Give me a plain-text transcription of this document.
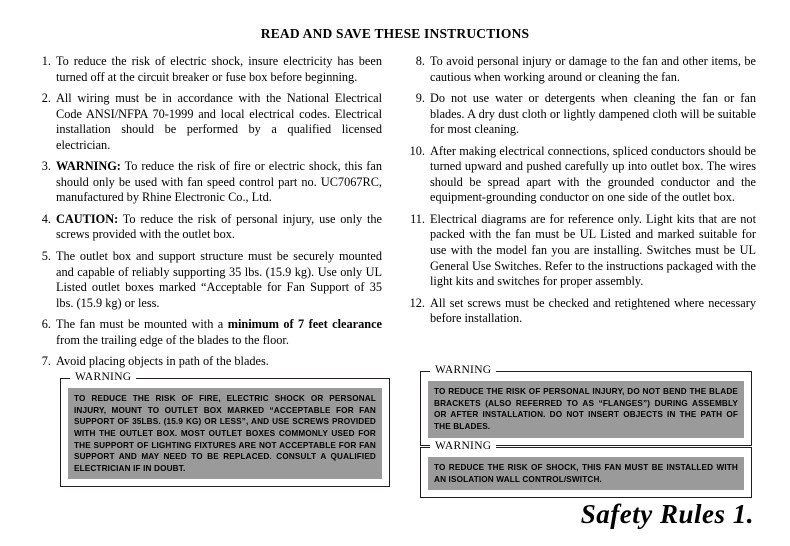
READ AND SAVE THESE INSTRUCTIONS
1. To reduce the risk of electric shock, insure electricity has been turned off at the circuit breaker or fuse box before beginning.
2. All wiring must be in accordance with the National Electrical Code ANSI/NFPA 70-1999 and local electrical codes. Electrical installation should be performed by a qualified licensed electrician.
3. WARNING: To reduce the risk of fire or electric shock, this fan should only be used with fan speed control part no. UC7067RC, manufactured by Rhine Electronic Co., Ltd.
4. CAUTION: To reduce the risk of personal injury, use only the screws provided with the outlet box.
5. The outlet box and support structure must be securely mounted and capable of reliably supporting 35 lbs. (15.9 kg). Use only UL Listed outlet boxes marked “Acceptable for Fan Support of 35 lbs. (15.9 kg) or less.
6. The fan must be mounted with a minimum of 7 feet clearance from the trailing edge of the blades to the floor.
7. Avoid placing objects in path of the blades.
8. To avoid personal injury or damage to the fan and other items, be cautious when working around or cleaning the fan.
9. Do not use water or detergents when cleaning the fan or fan blades. A dry dust cloth or lightly dampened cloth will be suitable for most cleaning.
10. After making electrical connections, spliced conductors should be turned upward and pushed carefully up into outlet box. The wires should be spread apart with the grounded conductor and the equipment-grounding conductor on one side of the outlet box.
11. Electrical diagrams are for reference only. Light kits that are not packed with the fan must be UL Listed and marked suitable for use with the model fan you are installing. Switches must be UL General Use Switches. Refer to the instructions packaged with the light kits and switches for proper assembly.
12. All set screws must be checked and retightened where necessary before installation.
WARNING
TO REDUCE THE RISK OF FIRE, ELECTRIC SHOCK OR PERSONAL INJURY, MOUNT TO OUTLET BOX MARKED “ACCEPTABLE FOR FAN SUPPORT OF 35LBS. (15.9 KG) OR LESS”, AND USE SCREWS PROVIDED WITH THE OUTLET BOX. MOST OUTLET BOXES COMMONLY USED FOR THE SUPPORT OF LIGHTING FIXTURES ARE NOT ACCEPTABLE FOR FAN SUPPORT AND MAY NEED TO BE REPLACED. CONSULT A QUALIFIED ELECTRICIAN IF IN DOUBT.
WARNING
TO REDUCE THE RISK OF PERSONAL INJURY, DO NOT BEND THE BLADE BRACKETS (ALSO REFERRED TO AS “FLANGES”) DURING ASSEMBLY OR AFTER INSTALLATION. DO NOT INSERT OBJECTS IN THE PATH OF THE BLADES.
WARNING
TO REDUCE THE RISK OF SHOCK, THIS FAN MUST BE INSTALLED WITH AN ISOLATION WALL CONTROL/SWITCH.
Safety Rules 1.
